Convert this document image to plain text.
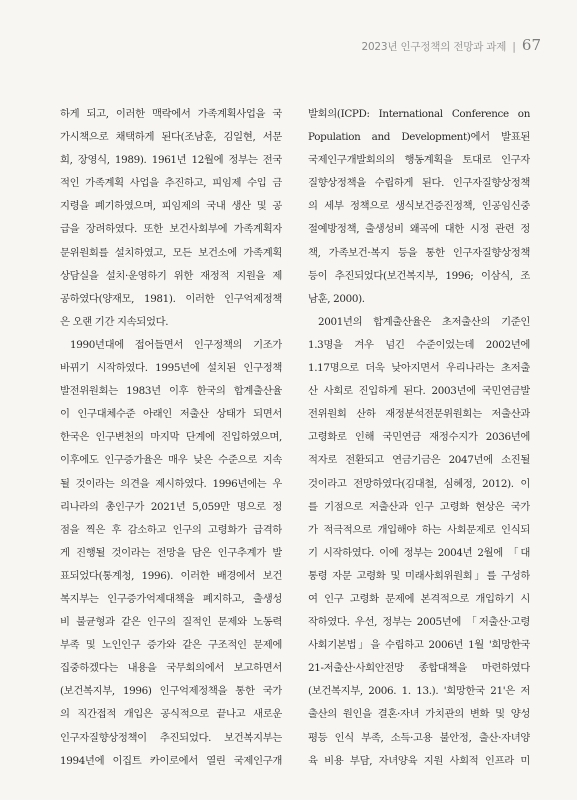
2023년 인구정책의 전망과 과제 | 67
하게 되고, 이러한 맥락에서 가족계획사업을 국
가시책으로 채택하게 된다(조남훈, 김일현, 서문
희, 장영식, 1989). 1961년 12월에 정부는 전국
적인 가족계획 사업을 추진하고, 피임제 수입 금
지령을 폐기하였으며, 피임제의 국내 생산 및 공
급을 장려하였다. 또한 보건사회부에 가족계획자
문위원회를 설치하였고, 모든 보건소에 가족계획
상담실을 설치·운영하기 위한 재정적 지원을 제
공하였다(양재모, 1981). 이러한 인구억제정책
은 오랜 기간 지속되었다.
1990년대에 접어들면서 인구정책의 기조가
바뀌기 시작하였다. 1995년에 설치된 인구정책
발전위원회는 1983년 이후 한국의 합계출산율
이 인구대체수준 아래인 저출산 상태가 되면서
한국은 인구변천의 마지막 단계에 진입하였으며,
이후에도 인구증가율은 매우 낮은 수준으로 지속
될 것이라는 의견을 제시하였다. 1996년에는 우
리나라의 총인구가 2021년 5,059만 명으로 정
점을 찍은 후 감소하고 인구의 고령화가 급격하
게 진행될 것이라는 전망을 담은 인구추계가 발
표되었다(통계청, 1996). 이러한 배경에서 보건
복지부는 인구증가억제대책을 폐지하고, 출생성
비 불균형과 같은 인구의 질적인 문제와 노동력
부족 및 노인인구 증가와 같은 구조적인 문제에
집중하겠다는 내용을 국무회의에서 보고하면서
(보건복지부, 1996) 인구억제정책을 통한 국가
의 직간접적 개입은 공식적으로 끝나고 새로운
인구자질향상정책이 추진되었다. 보건복지부는
1994년에 이집트 카이로에서 열린 국제인구개
발회의(ICPD: International Conference on
Population and Development)에서 발표된
국제인구개발회의의 행동계획을 토대로 인구자
질향상정책을 수립하게 된다. 인구자질향상정책
의 세부 정책으로 생식보건증진정책, 인공임신중
절예방정책, 출생성비 왜곡에 대한 시정 관련 정
책, 가족보건·복지 등을 통한 인구자질향상정책
등이 추진되었다(보건복지부, 1996; 이삼식, 조
남훈, 2000).
2001년의 합계출산율은 초저출산의 기준인
1.3명을 겨우 넘긴 수준이었는데 2002년에
1.17명으로 더욱 낮아지면서 우리나라는 초저출
산 사회로 진입하게 된다. 2003년에 국민연금발
전위원회 산하 재정분석전문위원회는 저출산과
고령화로 인해 국민연금 재정수지가 2036년에
적자로 전환되고 연금기금은 2047년에 소진될
것이라고 전망하였다(김대철, 심혜정, 2012). 이
를 기점으로 저출산과 인구 고령화 현상은 국가
가 적극적으로 개입해야 하는 사회문제로 인식되
기 시작하였다. 이에 정부는 2004년 2월에 「대
통령 자문 고령화 및 미래사회위원회」를 구성하
여 인구 고령화 문제에 본격적으로 개입하기 시
작하였다. 우선, 정부는 2005년에 「저출산·고령
사회기본법」을 수립하고 2006년 1월 '희망한국
21-저출산·사회안전망 종합대책을 마련하였다
(보건복지부, 2006. 1. 13.). '희망한국 21'은 저
출산의 원인을 결혼·자녀 가치관의 변화 및 양성
평등 인식 부족, 소득·고용 불안정, 출산·자녀양
육 비용 부담, 자녀양육 지원 사회적 인프라 미
